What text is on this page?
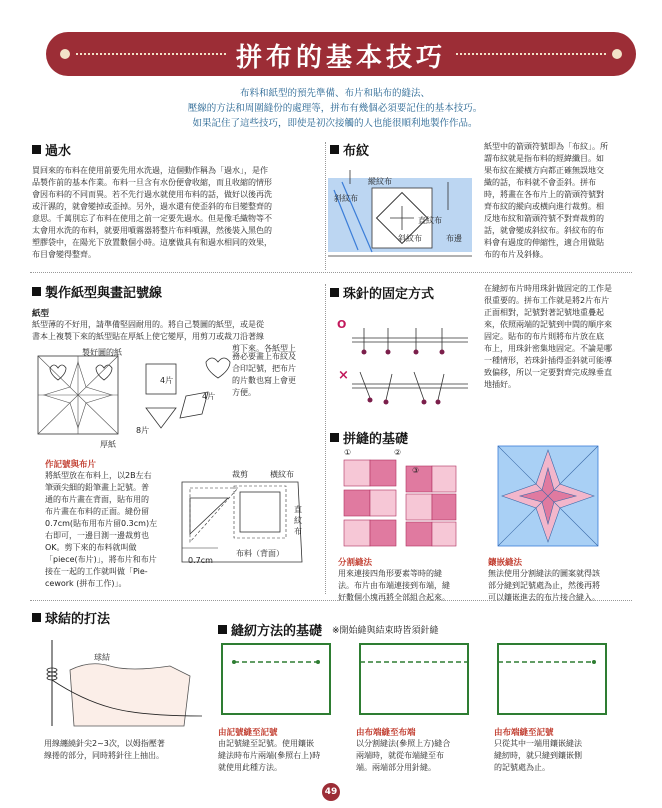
拼布的基本技巧
布料和紙型的預先準備、布片和貼布的縫法、
壓線的方法和周圍縫份的處理等，拼布有幾個必須要記住的基本技巧。
如果記住了這些技巧，即使是初次接觸的人也能很順利地製作作品。
過水
買回來的布料在使用前要先用水洗過，這個動作稱為「過水」，是作
品製作前的基本作業。布料一旦含有水份便會收縮，而且收縮的情形
會因布料的不同而異。若不先行過水就使用布料的話，做好以後再洗
或汗濕的，就會變掉或歪掉。另外，過水還有使歪斜的布目變整齊的
意思。千萬別忘了布料在使用之前一定要先過水。但是像毛織物等不
太會用水洗的布料，就要用噴霧器將整片布料噴濕，然後裝入黑色的
塑膠袋中，在陽光下放置數個小時。這麼做具有和過水相同的效果，
布目會變得整齊。
布紋
縱紋布
斜紋布
直紋布
斜紋布	布邊
紙型中的箭頭符號即為「布紋」。所
謂布紋就是指布料的經緯纖目。如
果布紋在縱橫方向都正確無誤地交
織的話，布料就不會歪斜。拼布
時，將畫在各布片上的箭頭符號對
齊布紋的縱向或橫向進行裁剪。相
反地布紋和箭頭符號不對齊裁剪的
話，就會變成斜紋布。斜紋布的布
料會有過度的伸縮性，適合用做貼
布的布片及斜條。
製作紙型與畫記號線
紙型
紙型薄的不好用，請準備堅固耐用的。將自己製圖的紙型，或是從
書本上複製下來的紙型貼在厚紙上使它變厚，用剪刀或裁刀沿著線
剪下來。各紙型上
務必要畫上布紋及
合印記號，把布片
的片數也寫上會更
方便。
製好圖的紙
4片
4片
8片
厚紙
作記號與布片
將紙型放在布料上，以2B左右
筆頭尖細的鉛筆畫上記號。普
通的布片畫在背面，貼布用的
布片畫在布料的正面。縫份留
0.7cm(貼布用布片留0.3cm)左
右即可，一邊目測一邊裁剪也
OK。剪下來的布料就叫做
「piece(布片)」，將布片和布片
接在一起的工作就叫做「Pie-
cework (拼布工作)」。
裁剪	橫紋布
直紋布
布料（背面）
0.7cm
珠針的固定方式
O
×
在縫紉布片時用珠針做固定的工作是
很重要的。拼布工作就是將2片布片
正面相對，記號對著記號地重疊起
來，依照兩端的記號到中間的順序來
固定。貼布的布片則將布片放在底
布上，用珠針密集地固定。不論是哪
一種情形，若珠針插得歪斜就可能導
致偏移，所以一定要對齊完成線垂直
地插好。
拼縫的基礎
①	②
③
分割縫法
用來連接四角形要素等時的縫
法。布片由布端連接到布端，縫
好數個小塊再將全部組合起來。
鑲嵌縫法
無法使用分割縫法的圖案就得該
部分縫到記號處為止，然後再將
可以鑲嵌進去的布片接合縫入。
球結的打法
球結
用線纏繞針尖2~3次，以姆指壓著
線捲的部分，同時將針往上抽出。
縫紉方法的基礎 ※開始縫與結束時皆須針縫
由記號縫至記號
由記號縫至記號。使用鑲嵌
縫法時布片兩端(參照右上)時
就使用此種方法。
由布端縫至布端
以分割縫法(參照上方)縫合
兩端時，就從布端縫至布
端。兩端部分用針縫。
由布端縫至記號
只從其中一端用鑲嵌縫法
縫紉時，就只縫到鑲嵌側
的記號處為止。
49
